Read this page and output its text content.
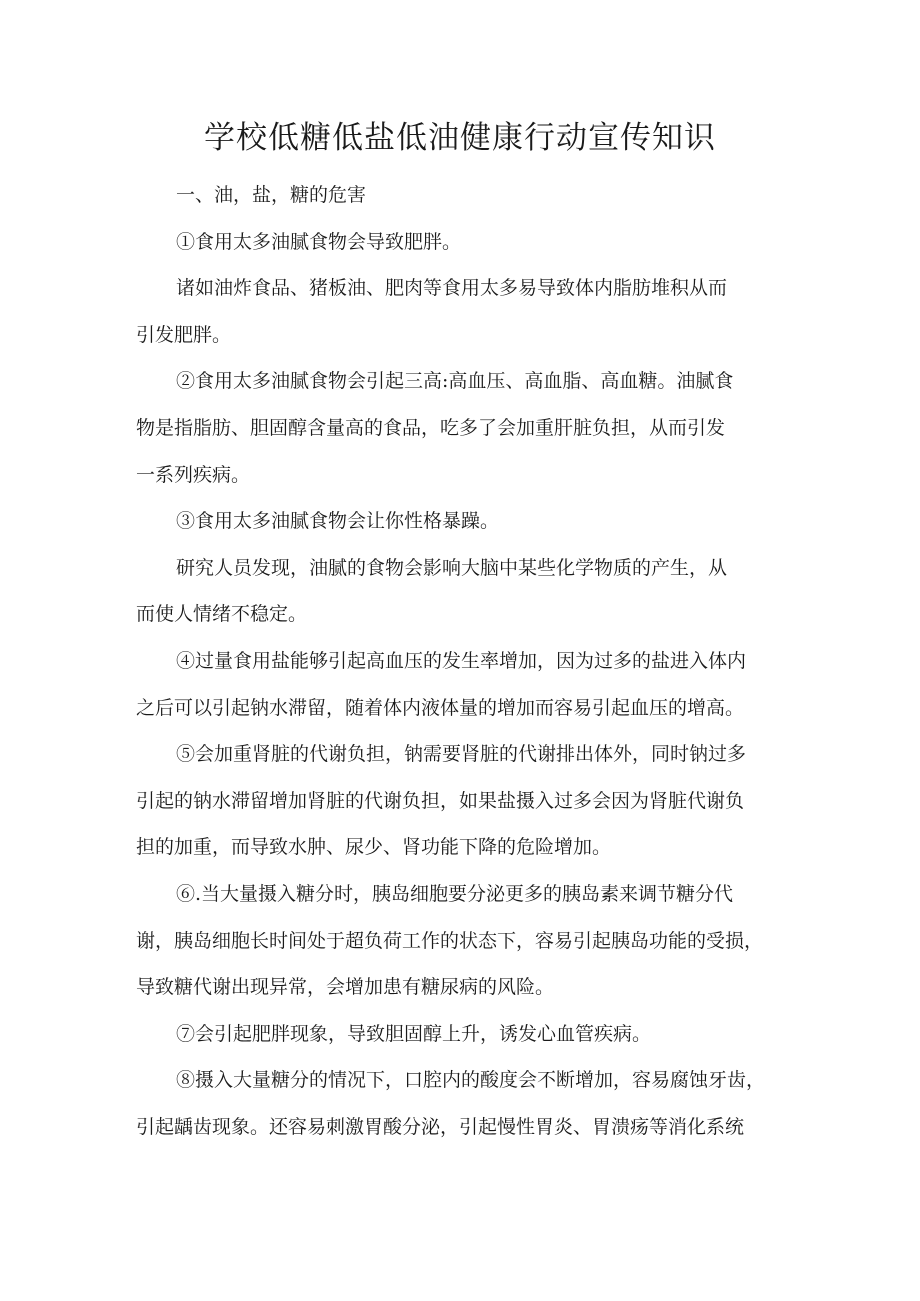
学校低糖低盐低油健康行动宣传知识
一、油，盐，糖的危害
①食用太多油腻食物会导致肥胖。
诸如油炸食品、猪板油、肥肉等食用太多易导致体内脂肪堆积从而
引发肥胖。
②食用太多油腻食物会引起三高:高血压、高血脂、高血糖。油腻食
物是指脂肪、胆固醇含量高的食品，吃多了会加重肝脏负担，从而引发
一系列疾病。
③食用太多油腻食物会让你性格暴躁。
研究人员发现，油腻的食物会影响大脑中某些化学物质的产生，从
而使人情绪不稳定。
④过量食用盐能够引起高血压的发生率增加，因为过多的盐进入体内
之后可以引起钠水滞留，随着体内液体量的增加而容易引起血压的增高。
⑤会加重肾脏的代谢负担，钠需要肾脏的代谢排出体外，同时钠过多
引起的钠水滞留增加肾脏的代谢负担，如果盐摄入过多会因为肾脏代谢负
担的加重，而导致水肿、尿少、肾功能下降的危险增加。
⑥.当大量摄入糖分时，胰岛细胞要分泌更多的胰岛素来调节糖分代
谢，胰岛细胞长时间处于超负荷工作的状态下，容易引起胰岛功能的受损，
导致糖代谢出现异常，会增加患有糖尿病的风险。
⑦会引起肥胖现象，导致胆固醇上升，诱发心血管疾病。
⑧摄入大量糖分的情况下，口腔内的酸度会不断增加，容易腐蚀牙齿，
引起龋齿现象。还容易刺激胃酸分泌，引起慢性胃炎、胃溃疡等消化系统
